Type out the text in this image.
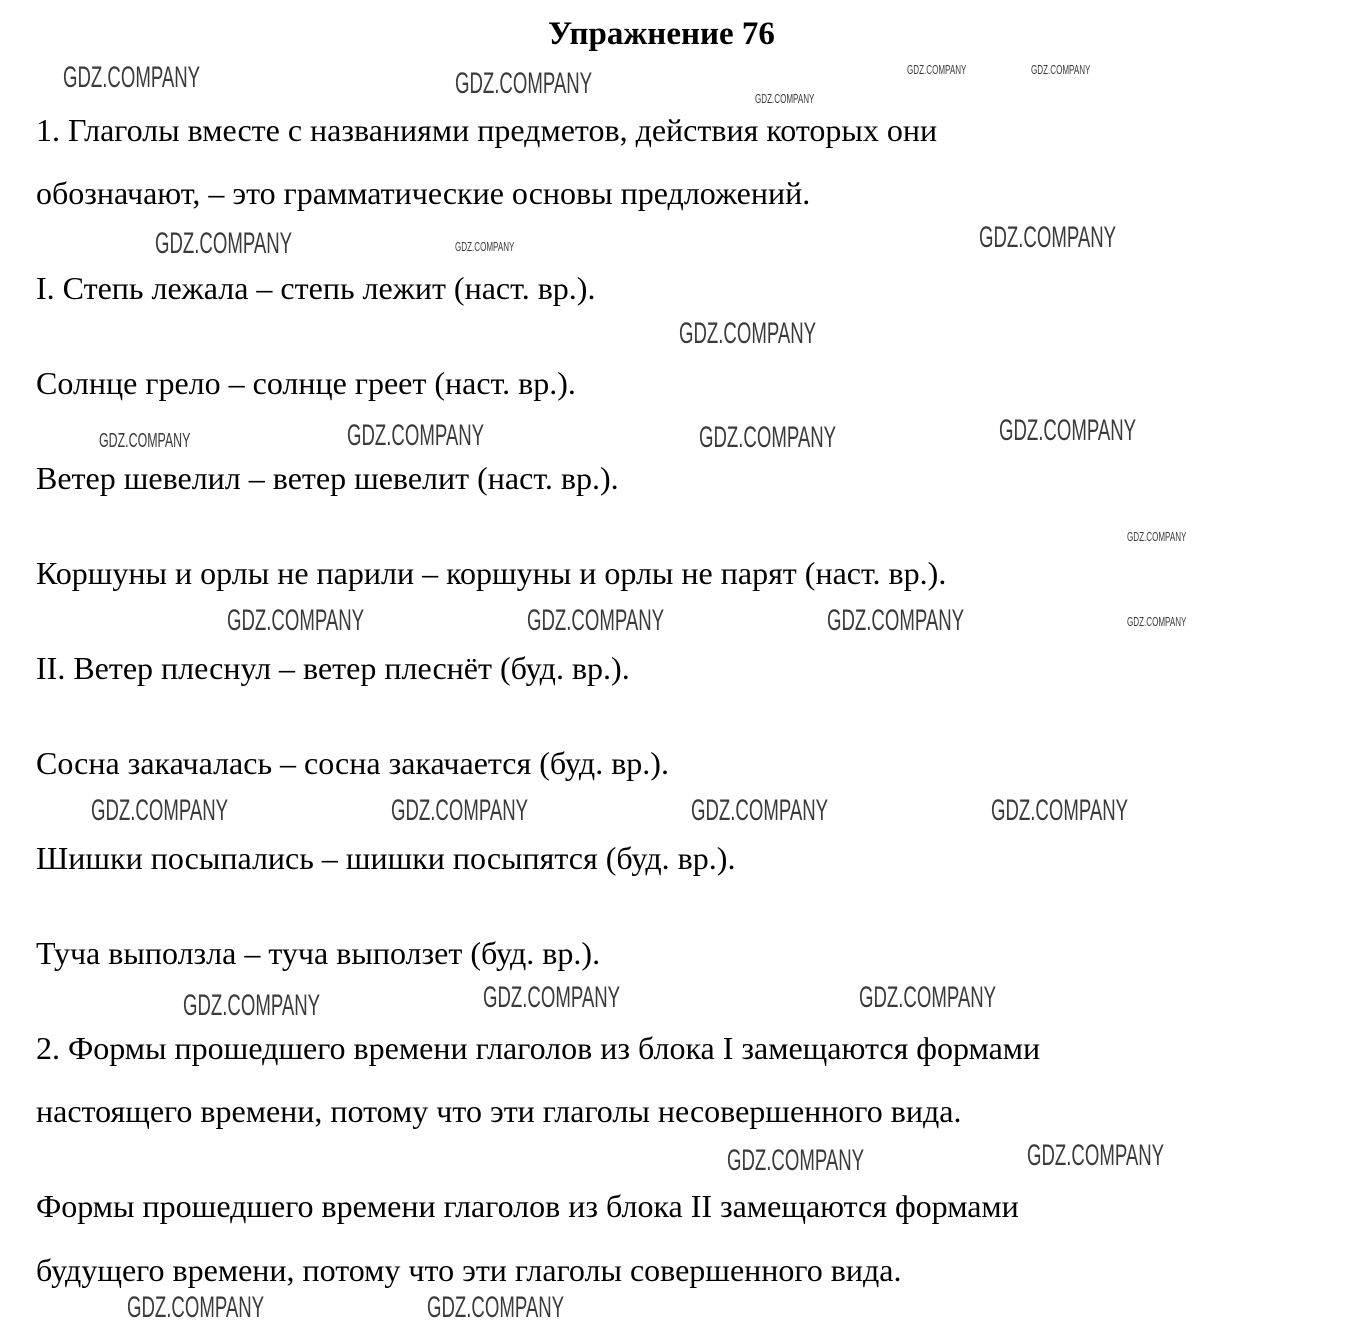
Упражнение 76
1. Глаголы вместе с названиями предметов, действия которых они
обозначают, – это грамматические основы предложений.
I. Степь лежала – степь лежит (наст. вр.).
Солнце грело – солнце греет (наст. вр.).
Ветер шевелил – ветер шевелит (наст. вр.).
Коршуны и орлы не парили – коршуны и орлы не парят (наст. вр.).
II. Ветер плеснул – ветер плеснёт (буд. вр.).
Сосна закачалась – сосна закачается (буд. вр.).
Шишки посыпались – шишки посыпятся (буд. вр.).
Туча выползла – туча выползет (буд. вр.).
2. Формы прошедшего времени глаголов из блока I замещаются формами
настоящего времени, потому что эти глаголы несовершенного вида.
Формы прошедшего времени глаголов из блока II замещаются формами
будущего времени, потому что эти глаголы совершенного вида.
GDZ.COMPANY	GDZ.COMPANY
GDZ.COMPANY
GDZ.COMPANY
GDZ.COMPANY
GDZ.COMPANY
GDZ.COMPANY	GDZ.COMPANY
GDZ.COMPANY	GDZ.COMPANY	GDZ.COMPANY
GDZ.COMPANY	GDZ.COMPANY	GDZ.COMPANY
GDZ.COMPANY
GDZ.COMPANY
GDZ.COMPANY
GDZ.COMPANY
GDZ.COMPANY	GDZ.COMPANY
GDZ.COMPANY
GDZ.COMPANY
GDZ.COMPANY
GDZ.COMPANY	GDZ.COMPANY
GDZ.COMPANY
GDZ.COMPANY
GDZ.COMPANY
GDZ.COMPANY
